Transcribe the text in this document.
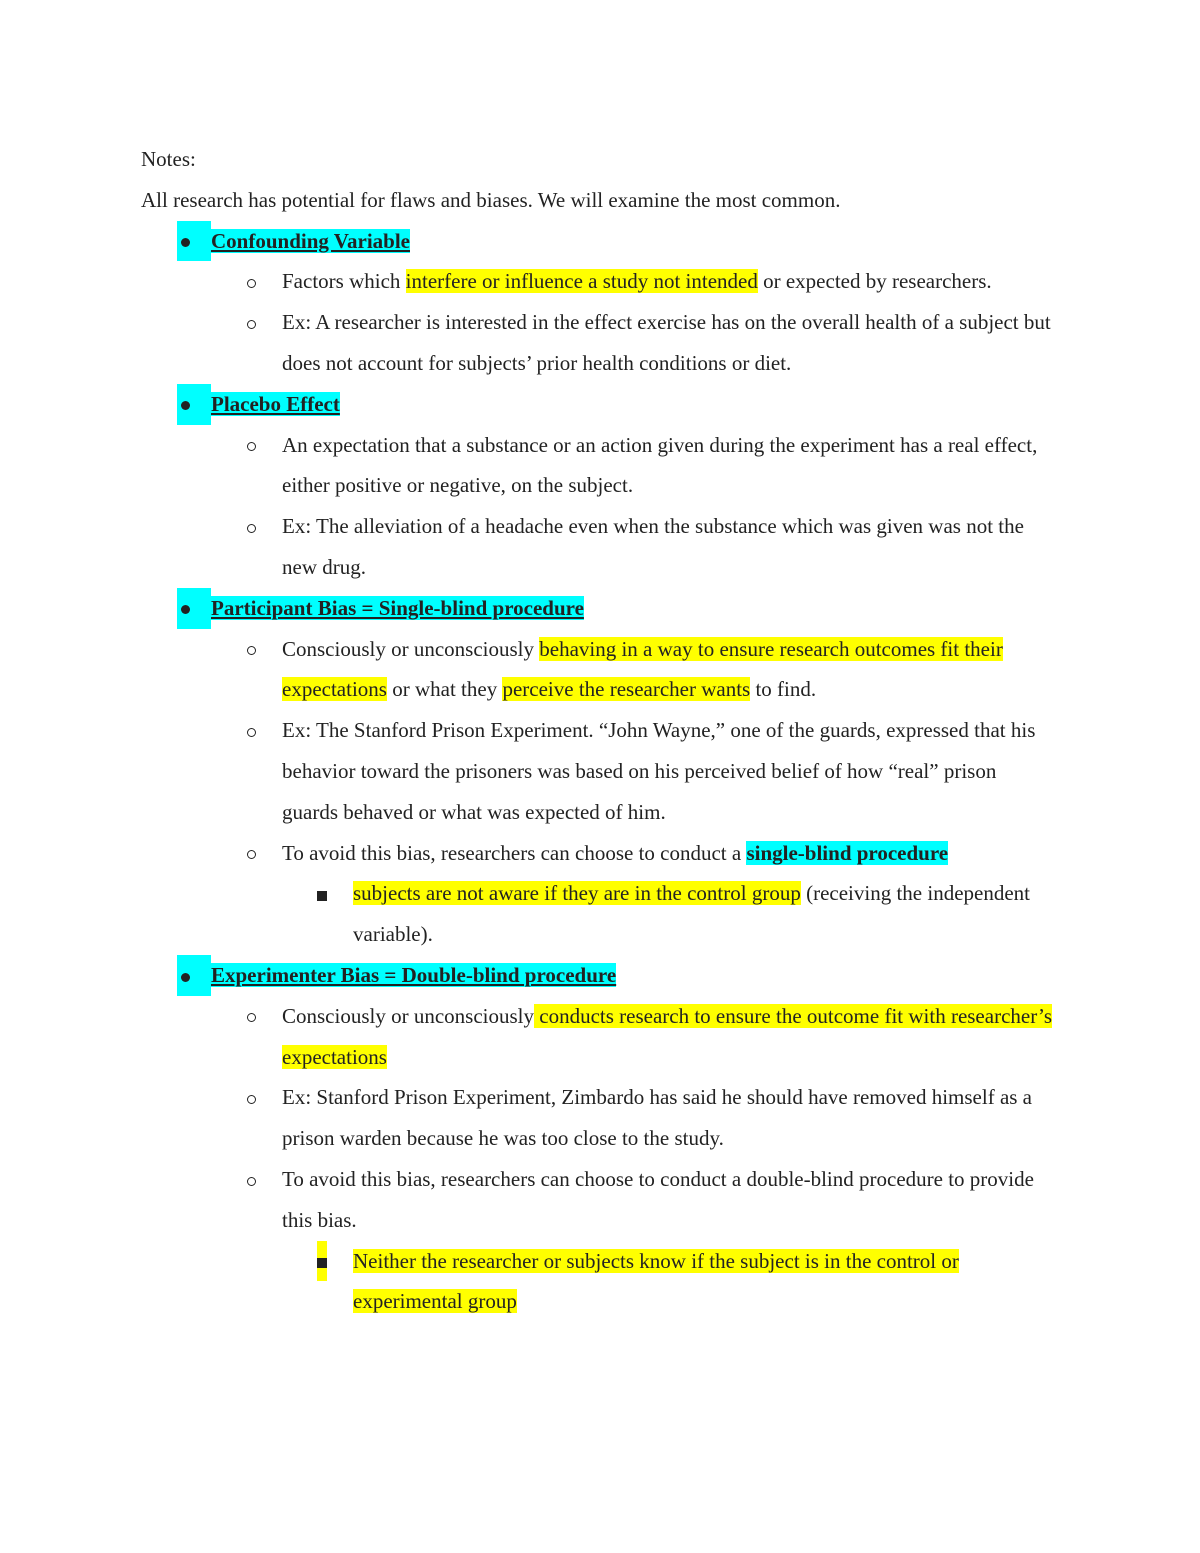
Notes:
All research has potential for flaws and biases. We will examine the most common.
Confounding Variable
Factors which interfere or influence a study not intended or expected by researchers.
Ex: A researcher is interested in the effect exercise has on the overall health of a subject but does not account for subjects’ prior health conditions or diet.
Placebo Effect
An expectation that a substance or an action given during the experiment has a real effect, either positive or negative, on the subject.
Ex: The alleviation of a headache even when the substance which was given was not the new drug.
Participant Bias = Single-blind procedure
Consciously or unconsciously behaving in a way to ensure research outcomes fit their expectations or what they perceive the researcher wants to find.
Ex: The Stanford Prison Experiment. “John Wayne,” one of the guards, expressed that his behavior toward the prisoners was based on his perceived belief of how “real” prison guards behaved or what was expected of him.
To avoid this bias, researchers can choose to conduct a single-blind procedure
subjects are not aware if they are in the control group (receiving the independent variable).
Experimenter Bias = Double-blind procedure
Consciously or unconsciously conducts research to ensure the outcome fit with researcher’s expectations
Ex: Stanford Prison Experiment, Zimbardo has said he should have removed himself as a prison warden because he was too close to the study.
To avoid this bias, researchers can choose to conduct a double-blind procedure to provide this bias.
Neither the researcher or subjects know if the subject is in the control or experimental group
